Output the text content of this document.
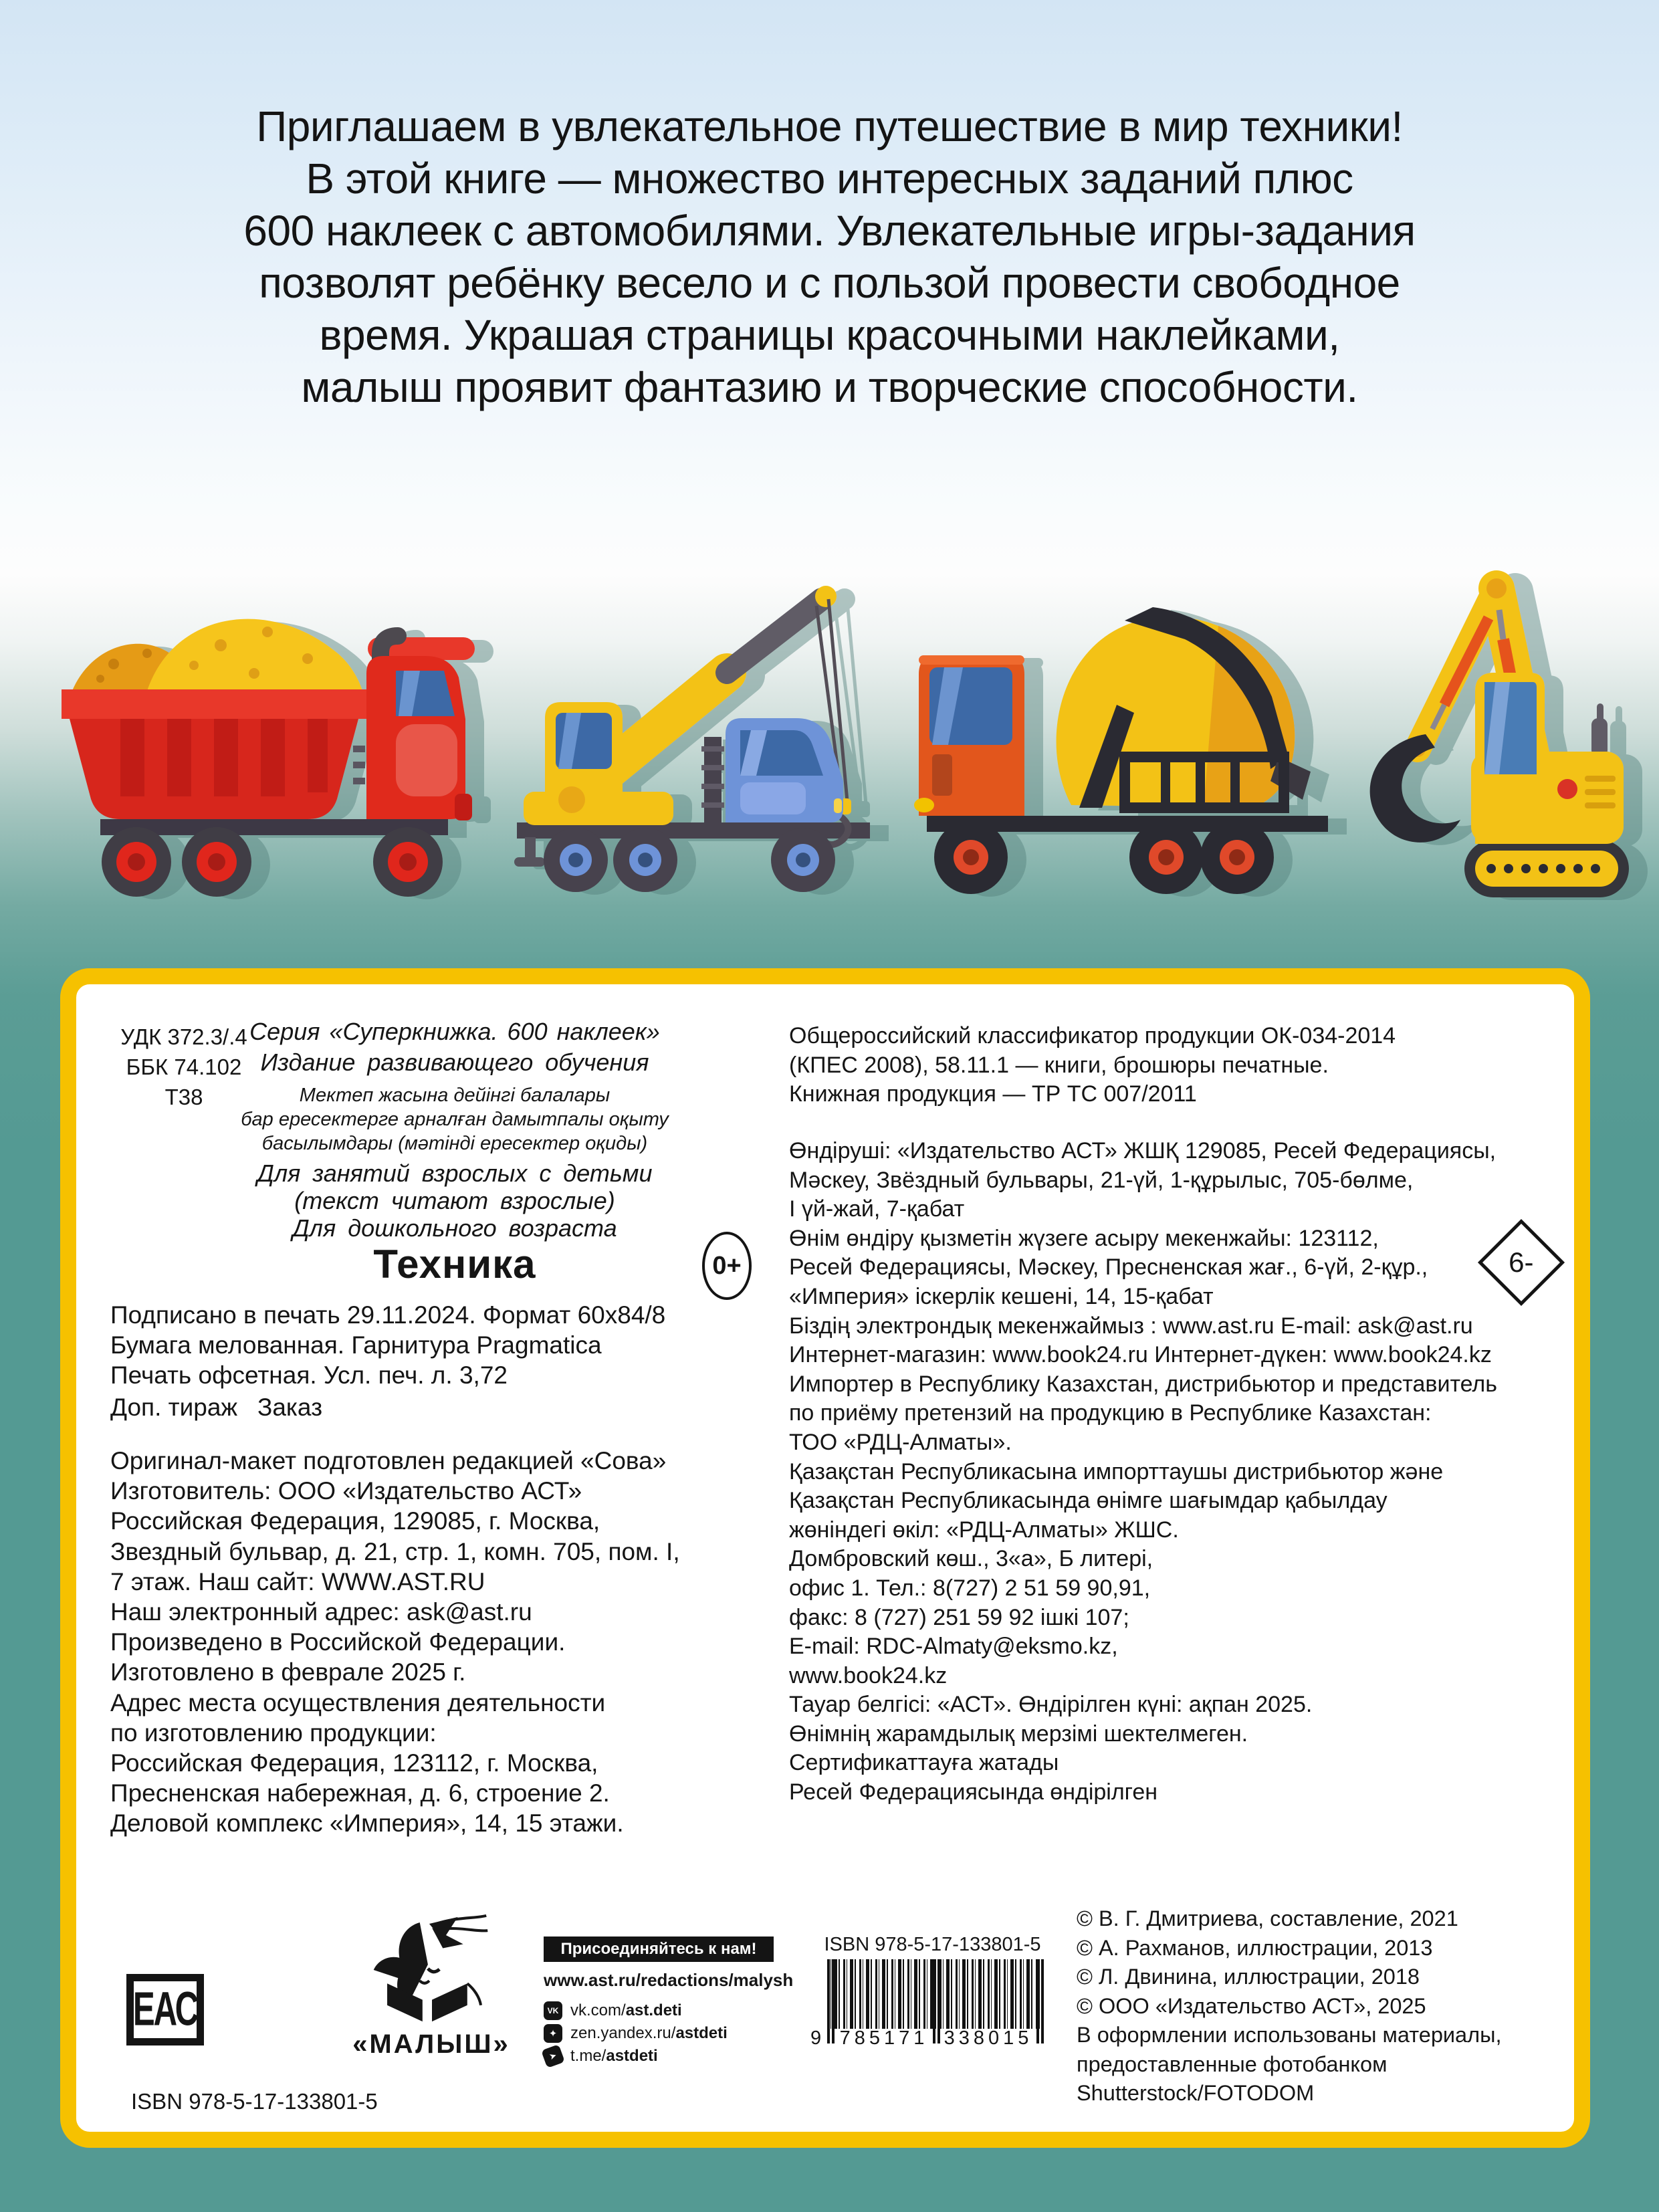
Приглашаем в увлекательное путешествие в мир техники!
В этой книге — множество интересных заданий плюс
600 наклеек с автомобилями. Увлекательные игры-задания
позволят ребёнку весело и с пользой провести свободное
время. Украшая страницы красочными наклейками,
малыш проявит фантазию и творческие способности.
УДК 372.3/.4
ББК 74.102
Т38
Серия «Суперкнижка. 600 наклеек»
Издание развивающего обучения
Мектеп жасына дейінгі балалары
бар ересектерге арналған дамытпалы оқыту
басылымдары (мәтінді ересектер оқиды)
Для занятий взрослых с детьми
(текст читают взрослые)
Для дошкольного возраста
Техника	0+
Подписано в печать 29.11.2024. Формат 60х84/8
Бумага мелованная. Гарнитура Pragmatica
Печать офсетная. Усл. печ. л. 3,72
Доп. тираж Заказ
Оригинал-макет подготовлен редакцией «Сова»
Изготовитель: ООО «Издательство АСТ»
Российская Федерация, 129085, г. Москва,
Звездный бульвар, д. 21, стр. 1, комн. 705, пом. I,
7 этаж. Наш сайт: WWW.AST.RU
Наш электронный адрес: ask@ast.ru
Произведено в Российской Федерации.
Изготовлено в феврале 2025 г.
Адрес места осуществления деятельности
по изготовлению продукции:
Российская Федерация, 123112, г. Москва,
Пресненская набережная, д. 6, строение 2.
Деловой комплекс «Империя», 14, 15 этажи.
Общероссийский классификатор продукции ОК-034-2014
(КПЕС 2008), 58.11.1 — книги, брошюры печатные.
Книжная продукция — ТР ТС 007/2011
Өндіруші: «Издательство АСТ» ЖШҚ 129085, Ресей Федерациясы,
Мәскеу, Звёздный бульвары, 21-үй, 1-құрылыс, 705-бөлме,
І үй-жай, 7-қабат
Өнім өндіру қызметін жүзеге асыру мекенжайы: 123112,
Ресей Федерациясы, Мәскеу, Пресненская жағ., 6-үй, 2-құр.,
«Империя» іскерлік кешені, 14, 15-қабат
Біздің электрондық мекенжаймыз : www.ast.ru E-mail: ask@ast.ru
Интернет-магазин: www.book24.ru Интернет-дүкен: www.book24.kz
Импортер в Республику Казахстан, дистрибьютор и представитель
по приёму претензий на продукцию в Республике Казахстан:
ТОО «РДЦ-Алматы».
Қазақстан Республикасына импорттаушы дистрибьютор және
Қазақстан Республикасында өнімге шағымдар қабылдау
жөніндегі өкіл: «РДЦ-Алматы» ЖШС.
Домбровский көш., 3«а», Б литері,
офис 1. Тел.: 8(727) 2 51 59 90,91,
факс: 8 (727) 251 59 92 ішкі 107;
E-mail: RDC-Almaty@eksmo.kz,
www.book24.kz
Тауар белгісі: «АСТ». Өндірілген күні: ақпан 2025.
Өнімнің жарамдылық мерзімі шектелмеген.
Сертификаттауға жатады
Ресей Федерациясында өндірілген
6-
ЕАС
«МАЛЫШ»
Присоединяйтесь к нам!
www.ast.ru/redactions/malysh
VK vk.com/ast.deti
✦ zen.yandex.ru/astdeti
➤ t.me/astdeti
ISBN 978-5-17-133801-5
9 785171 338015
© В. Г. Дмитриева, составление, 2021
© А. Рахманов, иллюстрации, 2013
© Л. Двинина, иллюстрации, 2018
© ООО «Издательство АСТ», 2025
В оформлении использованы материалы,
предоставленные фотобанком
Shutterstock/FOTODOM
ISBN 978-5-17-133801-5
